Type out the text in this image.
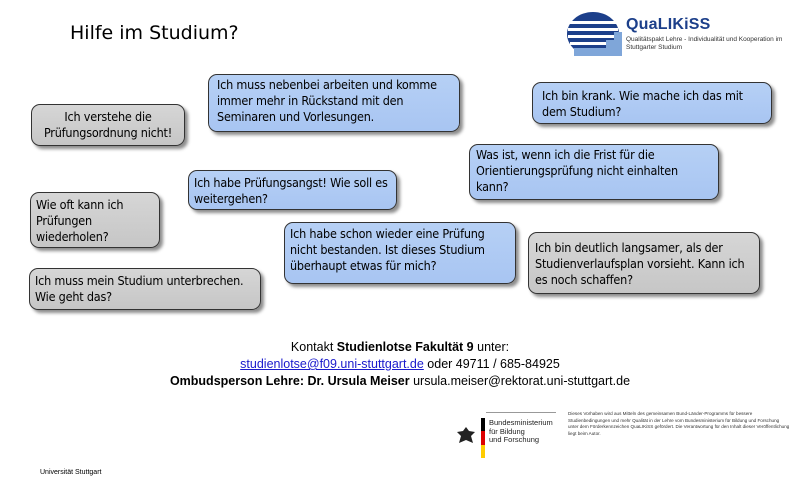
Hilfe im Studium?	QuaLIKiSS
Qualitätspakt Lehre - Individualität und Kooperation im Stuttgarter Studium
Ich verstehe die Prüfungsordnung nicht!
Ich muss nebenbei arbeiten und komme immer mehr in Rückstand mit den Seminaren und Vorlesungen.
Ich bin krank. Wie mache ich das mit dem Studium?
Was ist, wenn ich die Frist für die Orientierungsprüfung nicht einhalten kann?
Wie oft kann ich Prüfungen wiederholen?
Ich habe Prüfungsangst! Wie soll es weitergehen?
Ich habe schon wieder eine Prüfung nicht bestanden. Ist dieses Studium überhaupt etwas für mich?
Ich bin deutlich langsamer, als der Studienverlaufsplan vorsieht. Kann ich es noch schaffen?
Ich muss mein Studium unterbrechen. Wie geht das?
Kontakt Studienlotse Fakultät 9 unter:
studienlotse@f09.uni-stuttgart.de oder 49711 / 685-84925
Ombudsperson Lehre: Dr. Ursula Meiser ursula.meiser@rektorat.uni-stuttgart.de
Bundesministerium
für Bildung
und Forschung
Dieses Vorhaben wird aus Mitteln des gemeinsamen Bund-Länder-Programms für bessere Studienbedingungen und mehr Qualität in der Lehre vom Bundesministerium für Bildung und Forschung unter dem Förderkennzeichen QuaLIKiSS gefördert. Die Verantwortung für den Inhalt dieser Veröffentlichung liegt beim Autor.
Universität Stuttgart
